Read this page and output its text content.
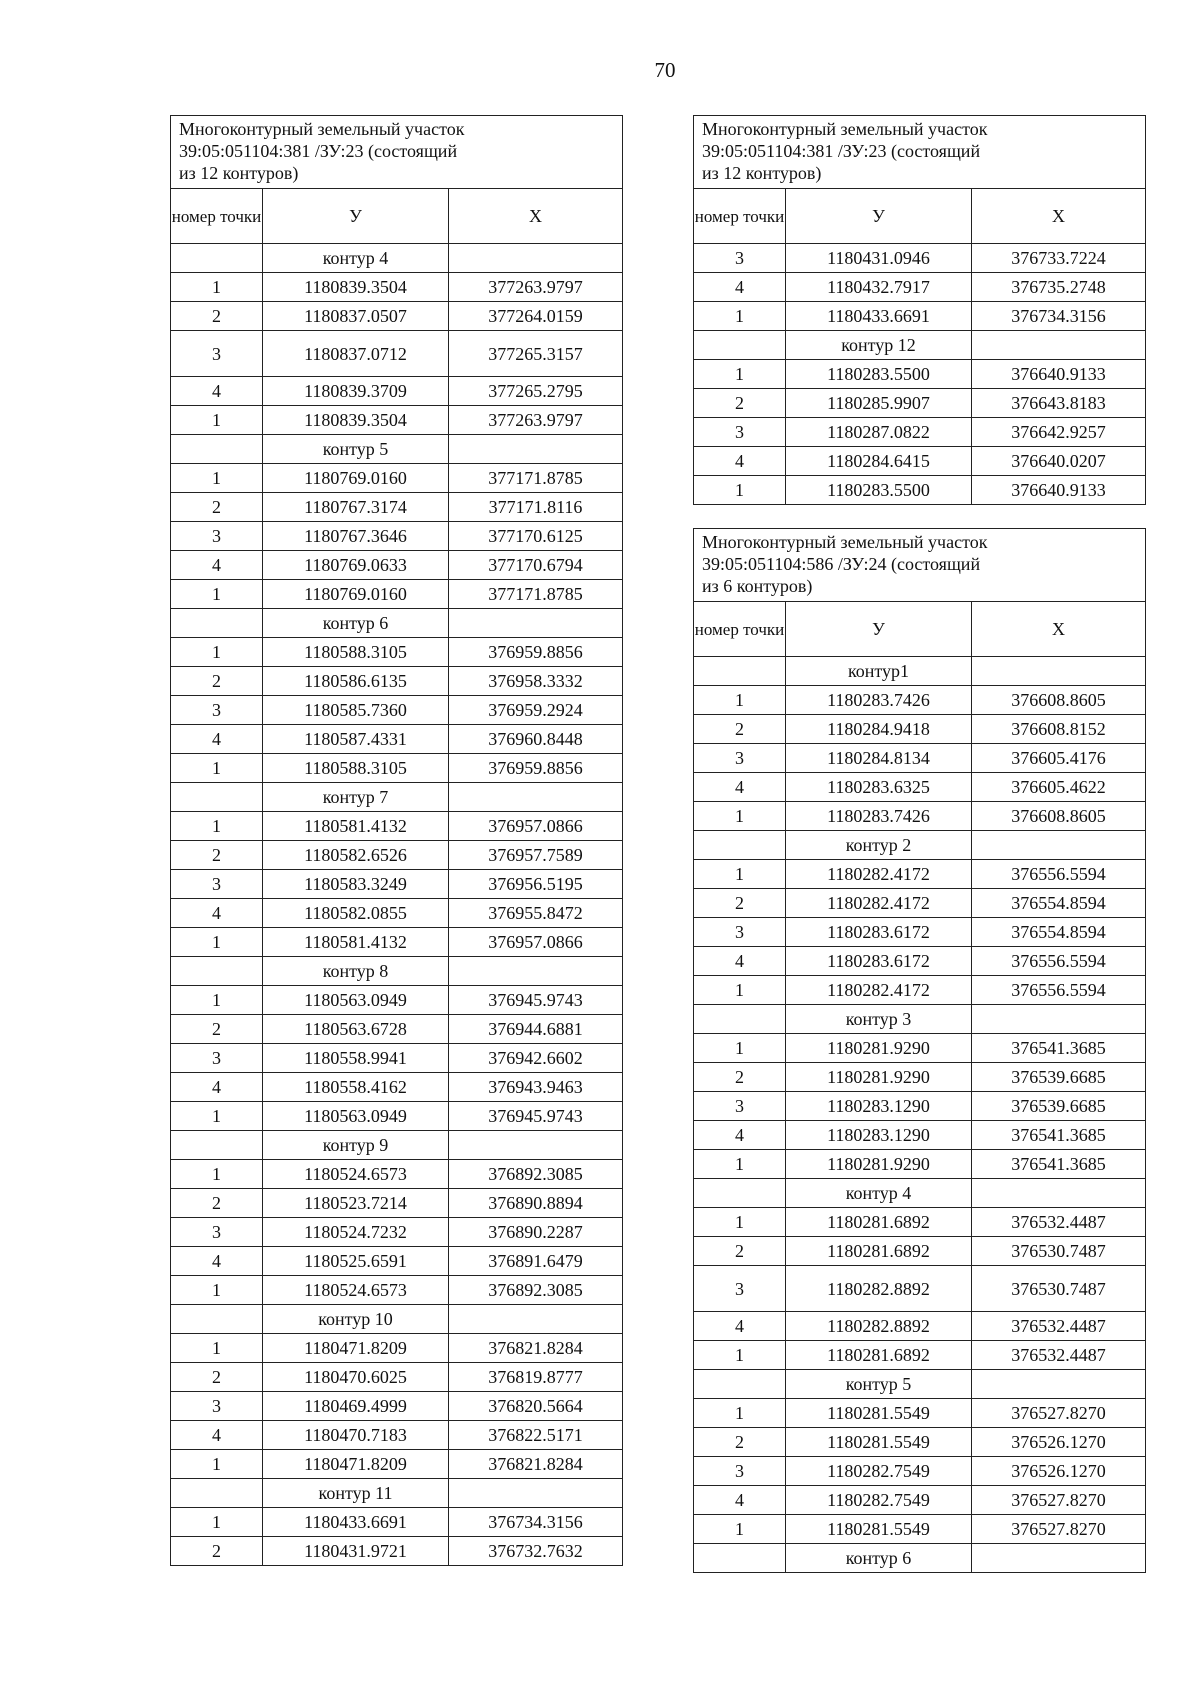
70
Многоконтурный земельный участок
39:05:051104:381 /ЗУ:23 (состоящий
из 12 контуров)		
номер точки	У	Х
	контур 4	
1	1180839.3504	377263.9797
2	1180837.0507	377264.0159
3	1180837.0712	377265.3157
4	1180839.3709	377265.2795
1	1180839.3504	377263.9797
	контур 5	
1	1180769.0160	377171.8785
2	1180767.3174	377171.8116
3	1180767.3646	377170.6125
4	1180769.0633	377170.6794
1	1180769.0160	377171.8785
	контур 6	
1	1180588.3105	376959.8856
2	1180586.6135	376958.3332
3	1180585.7360	376959.2924
4	1180587.4331	376960.8448
1	1180588.3105	376959.8856
	контур 7	
1	1180581.4132	376957.0866
2	1180582.6526	376957.7589
3	1180583.3249	376956.5195
4	1180582.0855	376955.8472
1	1180581.4132	376957.0866
	контур 8	
1	1180563.0949	376945.9743
2	1180563.6728	376944.6881
3	1180558.9941	376942.6602
4	1180558.4162	376943.9463
1	1180563.0949	376945.9743
	контур 9	
1	1180524.6573	376892.3085
2	1180523.7214	376890.8894
3	1180524.7232	376890.2287
4	1180525.6591	376891.6479
1	1180524.6573	376892.3085
	контур 10	
1	1180471.8209	376821.8284
2	1180470.6025	376819.8777
3	1180469.4999	376820.5664
4	1180470.7183	376822.5171
1	1180471.8209	376821.8284
	контур 11	
1	1180433.6691	376734.3156
2	1180431.9721	376732.7632
Многоконтурный земельный участок
39:05:051104:381 /ЗУ:23 (состоящий
из 12 контуров)		
номер точки	У	Х
3	1180431.0946	376733.7224
4	1180432.7917	376735.2748
1	1180433.6691	376734.3156
	контур 12	
1	1180283.5500	376640.9133
2	1180285.9907	376643.8183
3	1180287.0822	376642.9257
4	1180284.6415	376640.0207
1	1180283.5500	376640.9133
Многоконтурный земельный участок
39:05:051104:586 /ЗУ:24 (состоящий
из 6 контуров)		
номер точки	У	Х
	контур1	
1	1180283.7426	376608.8605
2	1180284.9418	376608.8152
3	1180284.8134	376605.4176
4	1180283.6325	376605.4622
1	1180283.7426	376608.8605
	контур 2	
1	1180282.4172	376556.5594
2	1180282.4172	376554.8594
3	1180283.6172	376554.8594
4	1180283.6172	376556.5594
1	1180282.4172	376556.5594
	контур 3	
1	1180281.9290	376541.3685
2	1180281.9290	376539.6685
3	1180283.1290	376539.6685
4	1180283.1290	376541.3685
1	1180281.9290	376541.3685
	контур 4	
1	1180281.6892	376532.4487
2	1180281.6892	376530.7487
3	1180282.8892	376530.7487
4	1180282.8892	376532.4487
1	1180281.6892	376532.4487
	контур 5	
1	1180281.5549	376527.8270
2	1180281.5549	376526.1270
3	1180282.7549	376526.1270
4	1180282.7549	376527.8270
1	1180281.5549	376527.8270
	контур 6	
